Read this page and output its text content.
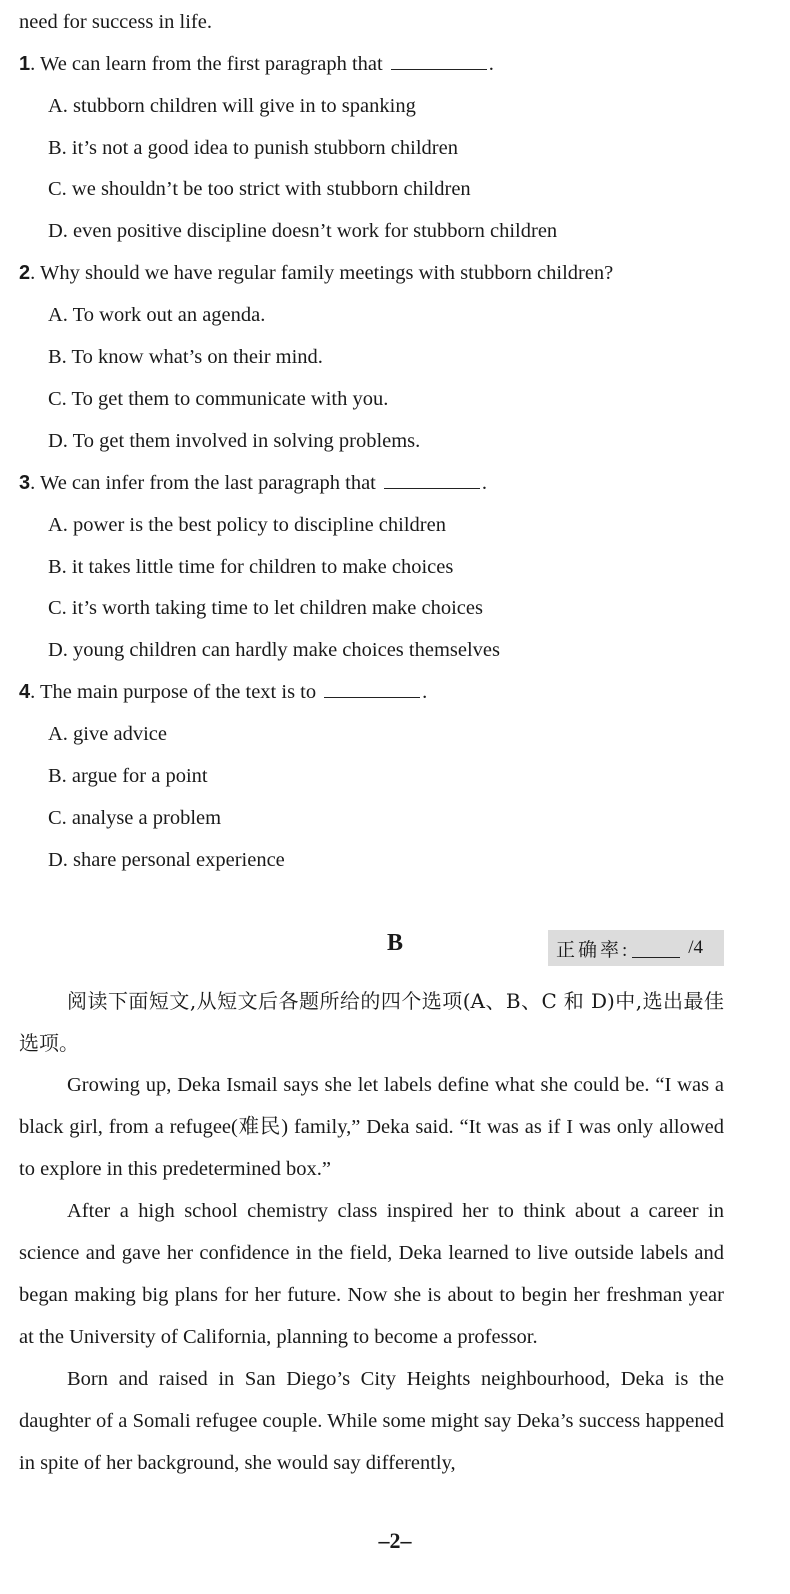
need for success in life.
1. We can learn from the first paragraph that	.
A. stubborn children will give in to spanking
B. it’s not a good idea to punish stubborn children
C. we shouldn’t be too strict with stubborn children
D. even positive discipline doesn’t work for stubborn children
2. Why should we have regular family meetings with stubborn children?
A. To work out an agenda.
B. To know what’s on their mind.
C. To get them to communicate with you.
D. To get them involved in solving problems.
3. We can infer from the last paragraph that	.
A. power is the best policy to discipline children
B. it takes little time for children to make choices
C. it’s worth taking time to let children make choices
D. young children can hardly make choices themselves
4. The main purpose of the text is to	.
A. give advice
B. argue for a point
C. analyse a problem
D. share personal experience
B	正确率:	/4

阅读下面短文,从短文后各题所给的四个选项(A、B、C 和 D)中,选出最佳选项。

Growing up, Deka Ismail says she let labels define what she could be. “I was a black girl, from a refugee(难民) family,” Deka said. “It was as if I was only allowed to explore in this predetermined box.”

After a high school chemistry class inspired her to think about a career in science and gave her confidence in the field, Deka learned to live outside labels and began making big plans for her future. Now she is about to begin her freshman year at the University of California, planning to become a professor.

Born and raised in San Diego’s City Heights neighbourhood, Deka is the daughter of a Somali refugee couple. While some might say Deka’s success happened in spite of her background, she would say differently,

–2–
